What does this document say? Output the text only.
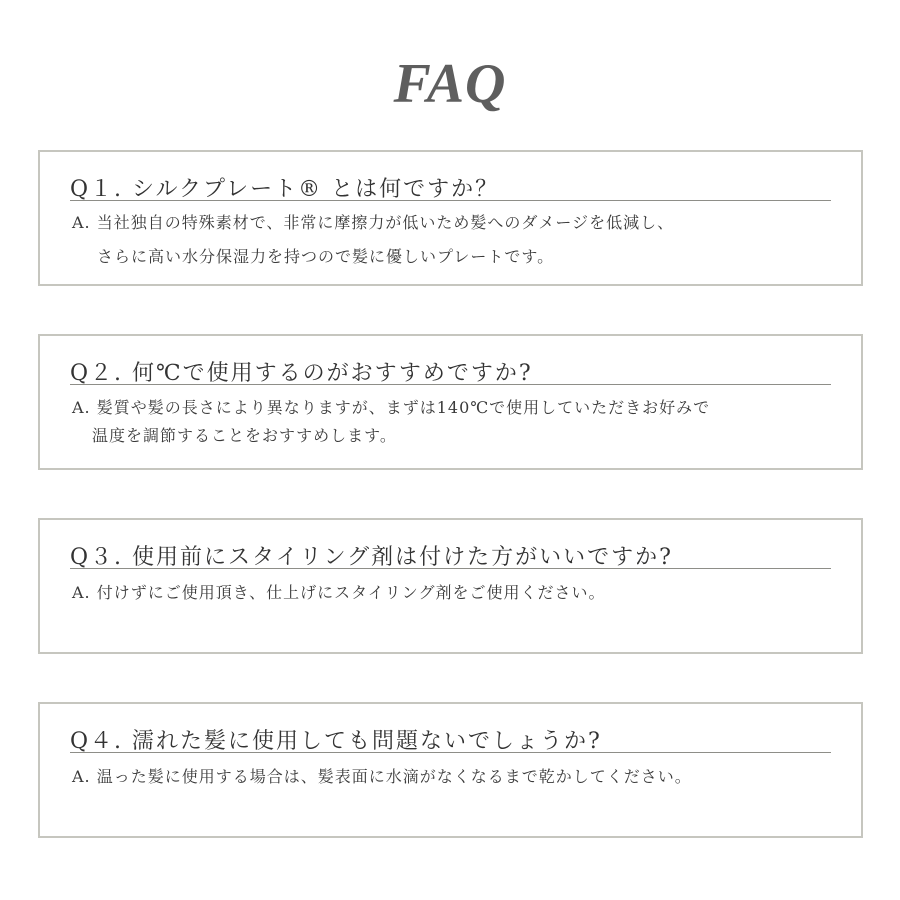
FAQ
Q１. シルクプレート® とは何ですか？
A. 当社独自の特殊素材で、非常に摩擦力が低いため髪へのダメージを低減し、
さらに高い水分保湿力を持つので髪に優しいプレートです。
Q２. 何℃で使用するのがおすすめですか?
A. 髪質や髪の長さにより異なりますが、まずは140℃で使用していただきお好みで
温度を調節することをおすすめします。
Q３. 使用前にスタイリング剤は付けた方がいいですか?
A. 付けずにご使用頂き、仕上げにスタイリング剤をご使用ください。
Q４. 濡れた髪に使用しても問題ないでしょうか?
A. 温った髪に使用する場合は、髪表面に水滴がなくなるまで乾かしてください。
